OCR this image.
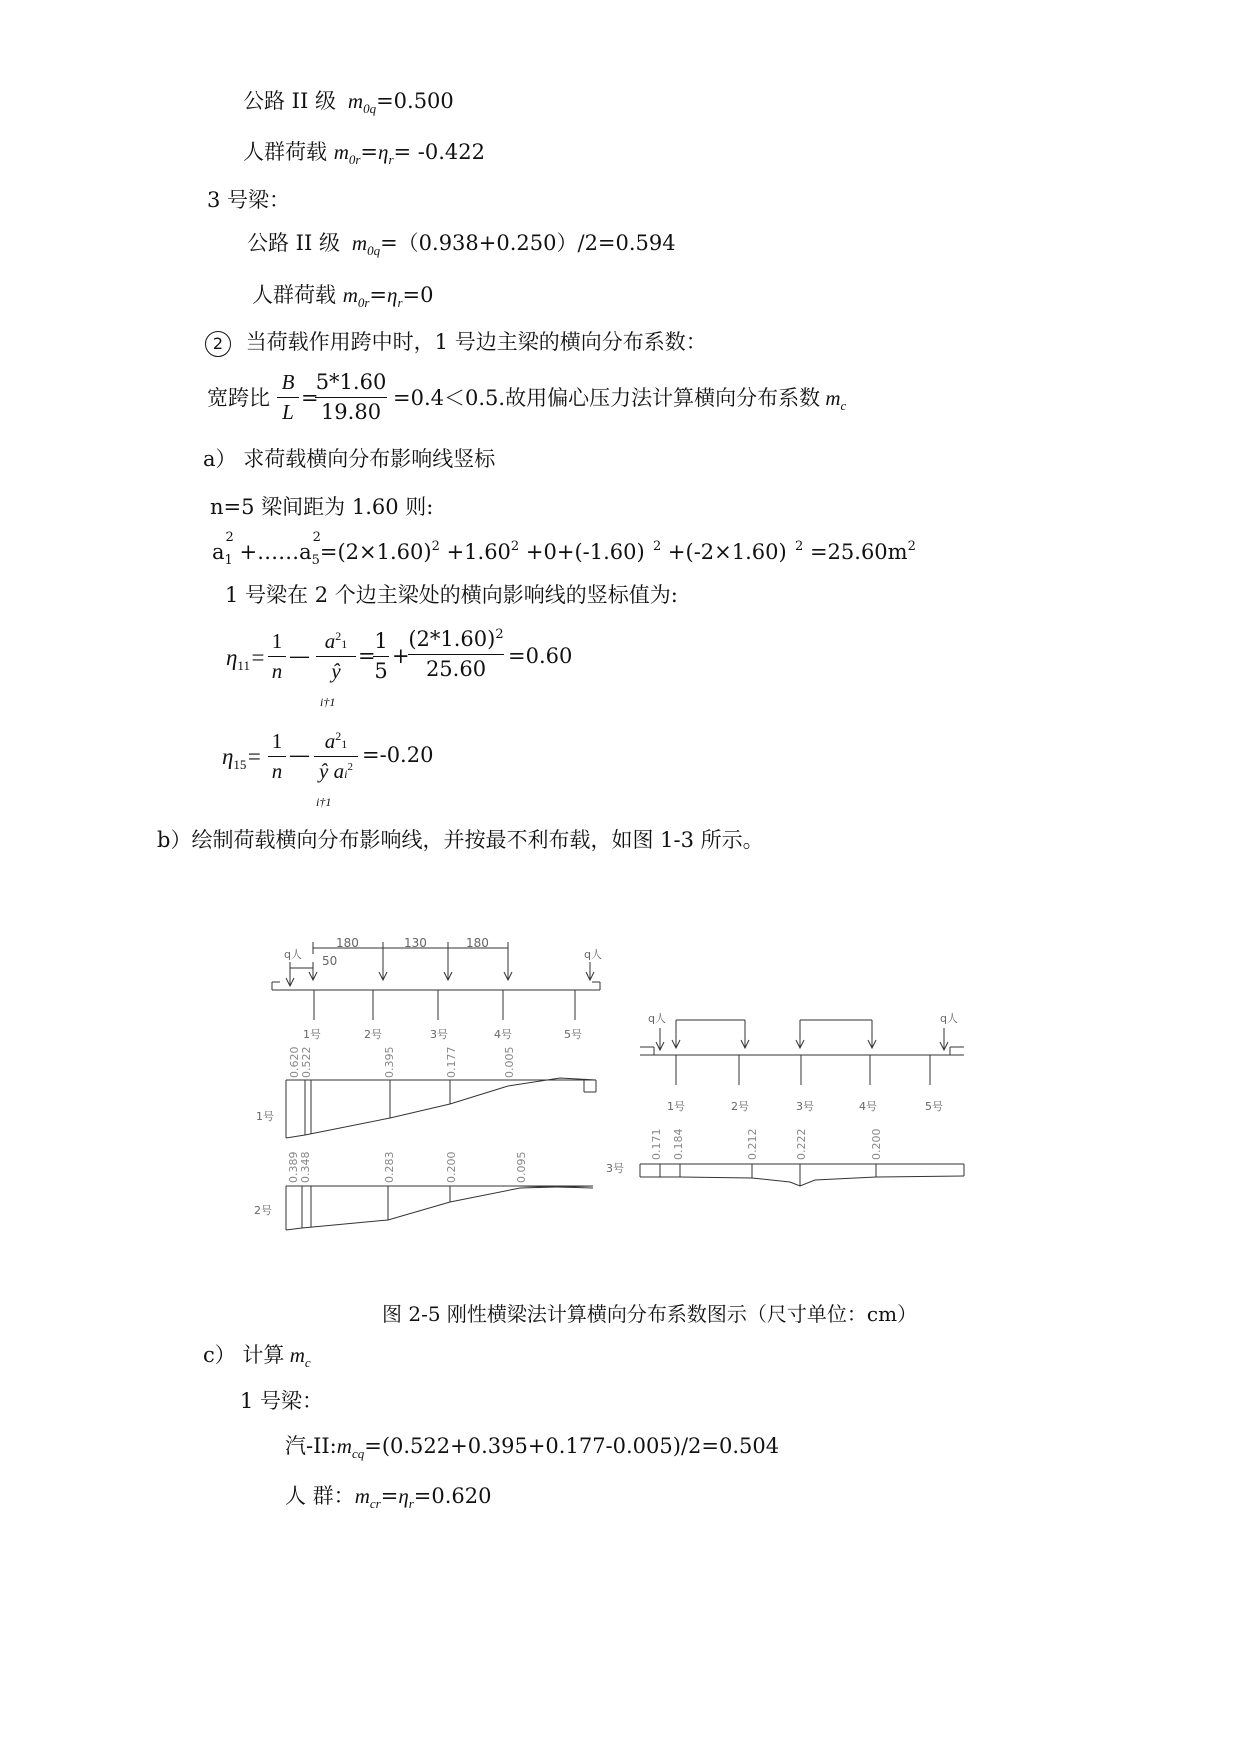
公路 II 级  $m_{0q}=0.500$
人群荷载 $m_{0r}=\eta_r= -0.422$
3 号梁：
公路 II 级  $m_{0q}=(0.938+0.250)/2=0.594$
人群荷载 $m_{0r}=\eta_r=0$
2 当荷载作用跨中时，1 号边主梁的横向分布系数：
宽跨比
B
L
=
5*1.60
19.80
=0.4＜0.5.故用偏心压力法计算横向分布系数 $m_c$
a） 求荷载横向分布影响线竖标
n=5 梁间距为 1.60 则:
a
2
$_1$ +……a
2
$_5=(2\times 1.60)^2 +1.60^2 +0+(-1.60)$  $^2$ +(-2×1.60)  $^2 =25.60m^2$
1 号梁在 2 个边主梁处的横向影响线的竖标值为:
$\eta_{11}=$
1
n
—
$a^21$
ŷ
i†1
=
1
5
+
$(2*1.60)^2$
25.60
=0.60
$\eta_{15}=$
1
n
—
$a^21$
ŷ $ai^2$
i†1
=-0.20
b）绘制荷载横向分布影响线，并按最不利布载，如图 1-3 所示。
180	130	180
50
q人	q人
1号	2号	3号	4号	5号
1号
0.620 0.522	0.395	0.177	0.005
2号
0.389 0.348	0.283	0.200	0.095
q人	q人
1号	2号	3号	4号	5号
3号
0.171 0.184	0.212	0.222	0.200
图 2-5 刚性横梁法计算横向分布系数图示（尺寸单位：cm）
c） 计算 $m_c$
1 号梁：
汽$-II:m_{cq}=(0.522+0.395+0.177-0.005)/2=0.504$
人 群：$m_{cr}=\eta_r=0.620$
